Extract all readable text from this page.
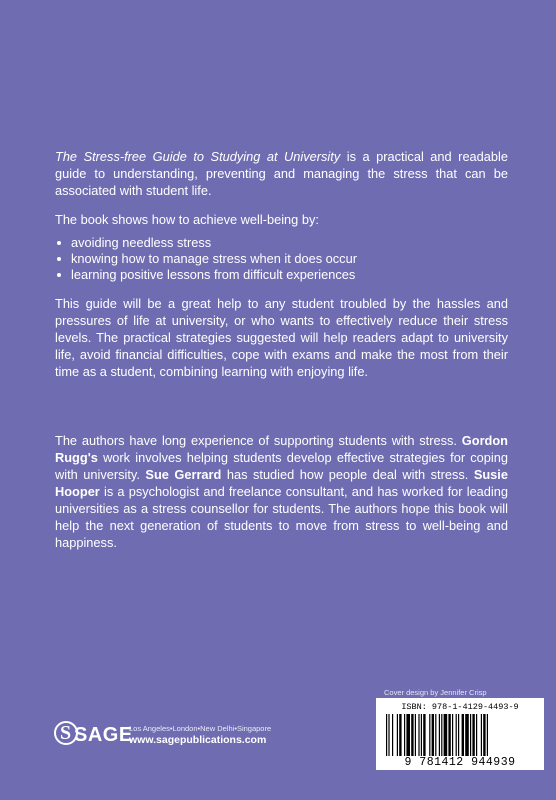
The Stress-free Guide to Studying at University is a practical and readable guide to understanding, preventing and managing the stress that can be associated with student life.

The book shows how to achieve well-being by:

avoiding needless stress
knowing how to manage stress when it does occur
learning positive lessons from difficult experiences

This guide will be a great help to any student troubled by the hassles and pressures of life at university, or who wants to effectively reduce their stress levels. The practical strategies suggested will help readers adapt to university life, avoid financial difficulties, cope with exams and make the most from their time as a student, combining learning with enjoying life.

The authors have long experience of supporting students with stress. Gordon Rugg's work involves helping students develop effective strategies for coping with university. Sue Gerrard has studied how people deal with stress. Susie Hooper is a psychologist and freelance consultant, and has worked for leading universities as a stress counsellor for students. The authors hope this book will help the next generation of students to move from stress to well-being and happiness.

Cover design by Jennifer Crisp
ISBN: 978-1-4129-4493-9
9 781412 944939
S SAGE
Los Angeles•London•New Delhi•Singapore
www.sagepublications.com
